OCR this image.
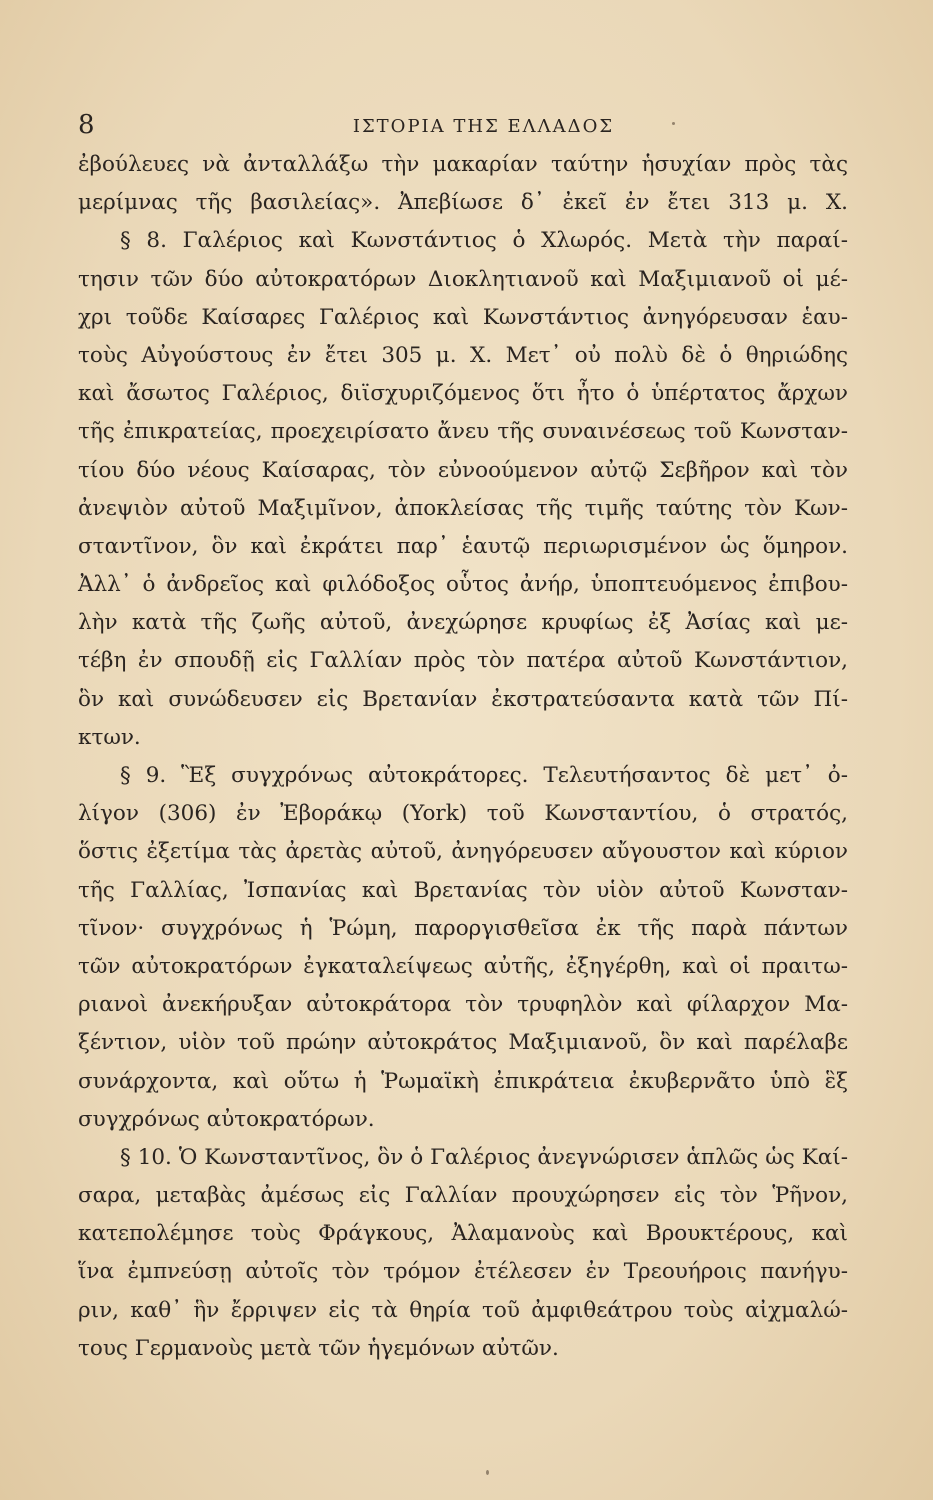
8	ΙΣΤΟΡΙΑ ΤΗΣ ΕΛΛΑΔΟΣ
ἐβούλευες νὰ ἀνταλλάξω τὴν μακαρίαν ταύτην ἡσυχίαν πρὸς τὰς
μερίμνας τῆς βασιλείας». Ἀπεβίωσε δ᾽ ἐκεῖ ἐν ἔτει 313 μ. Χ.
§ 8. Γαλέριος καὶ Κωνστάντιος ὁ Χλωρός. Μετὰ τὴν παραί-
τησιν τῶν δύο αὐτοκρατόρων Διοκλητιανοῦ καὶ Μαξιμιανοῦ οἱ μέ-
χρι τοῦδε Καίσαρες Γαλέριος καὶ Κωνστάντιος ἀνηγόρευσαν ἑαυ-
τοὺς Αὐγούστους ἐν ἔτει 305 μ. Χ. Μετ᾽ οὐ πολὺ δὲ ὁ θηριώδης
καὶ ἄσωτος Γαλέριος, διϊσχυριζόμενος ὅτι ἦτο ὁ ὑπέρτατος ἄρχων
τῆς ἐπικρατείας, προεχειρίσατο ἄνευ τῆς συναινέσεως τοῦ Κωνσταν-
τίου δύο νέους Καίσαρας, τὸν εὐνοούμενον αὐτῷ Σεβῆρον καὶ τὸν
ἀνεψιὸν αὐτοῦ Μαξιμῖνον, ἀποκλείσας τῆς τιμῆς ταύτης τὸν Κων-
σταντῖνον, ὃν καὶ ἐκράτει παρ᾽ ἑαυτῷ περιωρισμένον ὡς ὅμηρον.
Ἀλλ᾽ ὁ ἀνδρεῖος καὶ φιλόδοξος οὗτος ἀνήρ, ὑποπτευόμενος ἐπιβου-
λὴν κατὰ τῆς ζωῆς αὐτοῦ, ἀνεχώρησε κρυφίως ἐξ Ἀσίας καὶ με-
τέβη ἐν σπουδῇ εἰς Γαλλίαν πρὸς τὸν πατέρα αὐτοῦ Κωνστάντιον,
ὃν καὶ συνώδευσεν εἰς Βρετανίαν ἐκστρατεύσαντα κατὰ τῶν Πί-
κτων.
§ 9. Ἓξ συγχρόνως αὐτοκράτορες. Τελευτήσαντος δὲ μετ᾽ ὀ-
λίγον (306) ἐν Ἐβοράκῳ (York) τοῦ Κωνσταντίου, ὁ στρατός,
ὅστις ἐξετίμα τὰς ἀρετὰς αὐτοῦ, ἀνηγόρευσεν αὔγουστον καὶ κύριον
τῆς Γαλλίας, Ἰσπανίας καὶ Βρετανίας τὸν υἱὸν αὐτοῦ Κωνσταν-
τῖνον· συγχρόνως ἡ Ῥώμη, παροργισθεῖσα ἐκ τῆς παρὰ πάντων
τῶν αὐτοκρατόρων ἐγκαταλείψεως αὐτῆς, ἐξηγέρθη, καὶ οἱ πραιτω-
ριανοὶ ἀνεκήρυξαν αὐτοκράτορα τὸν τρυφηλὸν καὶ φίλαρχον Μα-
ξέντιον, υἱὸν τοῦ πρώην αὐτοκράτος Μαξιμιανοῦ, ὃν καὶ παρέλαβε
συνάρχοντα, καὶ οὕτω ἡ Ῥωμαϊκὴ ἐπικράτεια ἐκυβερνᾶτο ὑπὸ ἓξ
συγχρόνως αὐτοκρατόρων.
§ 10. Ὁ Κωνσταντῖνος, ὃν ὁ Γαλέριος ἀνεγνώρισεν ἁπλῶς ὡς Καί-
σαρα, μεταβὰς ἀμέσως εἰς Γαλλίαν προυχώρησεν εἰς τὸν Ῥῆνον,
κατεπολέμησε τοὺς Φράγκους, Ἀλαμανοὺς καὶ Βρουκτέρους, καὶ
ἵνα ἐμπνεύσῃ αὐτοῖς τὸν τρόμον ἐτέλεσεν ἐν Τρεουήροις πανήγυ-
ριν, καθ᾽ ἣν ἔρριψεν εἰς τὰ θηρία τοῦ ἀμφιθεάτρου τοὺς αἰχμαλώ-
τους Γερμανοὺς μετὰ τῶν ἡγεμόνων αὐτῶν.
